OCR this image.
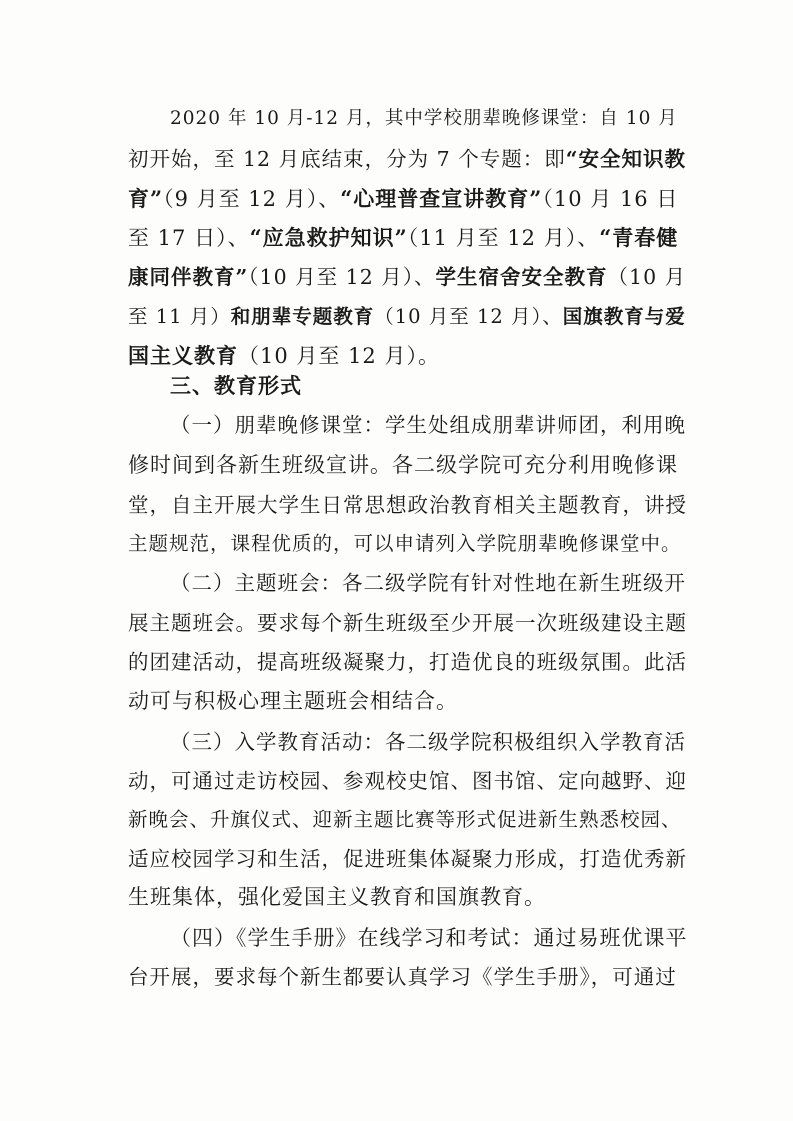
2020 年 10 月-12 月，其中学校朋辈晚修课堂：自 10 月
初开始，至 12 月底结束，分为 7 个专题：即“安全知识教
育”（9 月至 12 月）、“心理普查宣讲教育”（10 月 16 日
至 17 日）、“应急救护知识”（11 月至 12 月）、“青春健
康同伴教育”（10 月至 12 月）、学生宿舍安全教育（10 月
至 11 月）和朋辈专题教育（10 月至 12 月）、国旗教育与爱
国主义教育（10 月至 12 月）。
三、教育形式
（一）朋辈晚修课堂：学生处组成朋辈讲师团，利用晚
修时间到各新生班级宣讲。各二级学院可充分利用晚修课
堂，自主开展大学生日常思想政治教育相关主题教育，讲授
主题规范，课程优质的，可以申请列入学院朋辈晚修课堂中。
（二）主题班会：各二级学院有针对性地在新生班级开
展主题班会。要求每个新生班级至少开展一次班级建设主题
的团建活动，提高班级凝聚力，打造优良的班级氛围。此活
动可与积极心理主题班会相结合。
（三）入学教育活动：各二级学院积极组织入学教育活
动，可通过走访校园、参观校史馆、图书馆、定向越野、迎
新晚会、升旗仪式、迎新主题比赛等形式促进新生熟悉校园、
适应校园学习和生活，促进班集体凝聚力形成，打造优秀新
生班集体，强化爱国主义教育和国旗教育。
（四）《学生手册》在线学习和考试：通过易班优课平
台开展，要求每个新生都要认真学习《学生手册》，可通过
